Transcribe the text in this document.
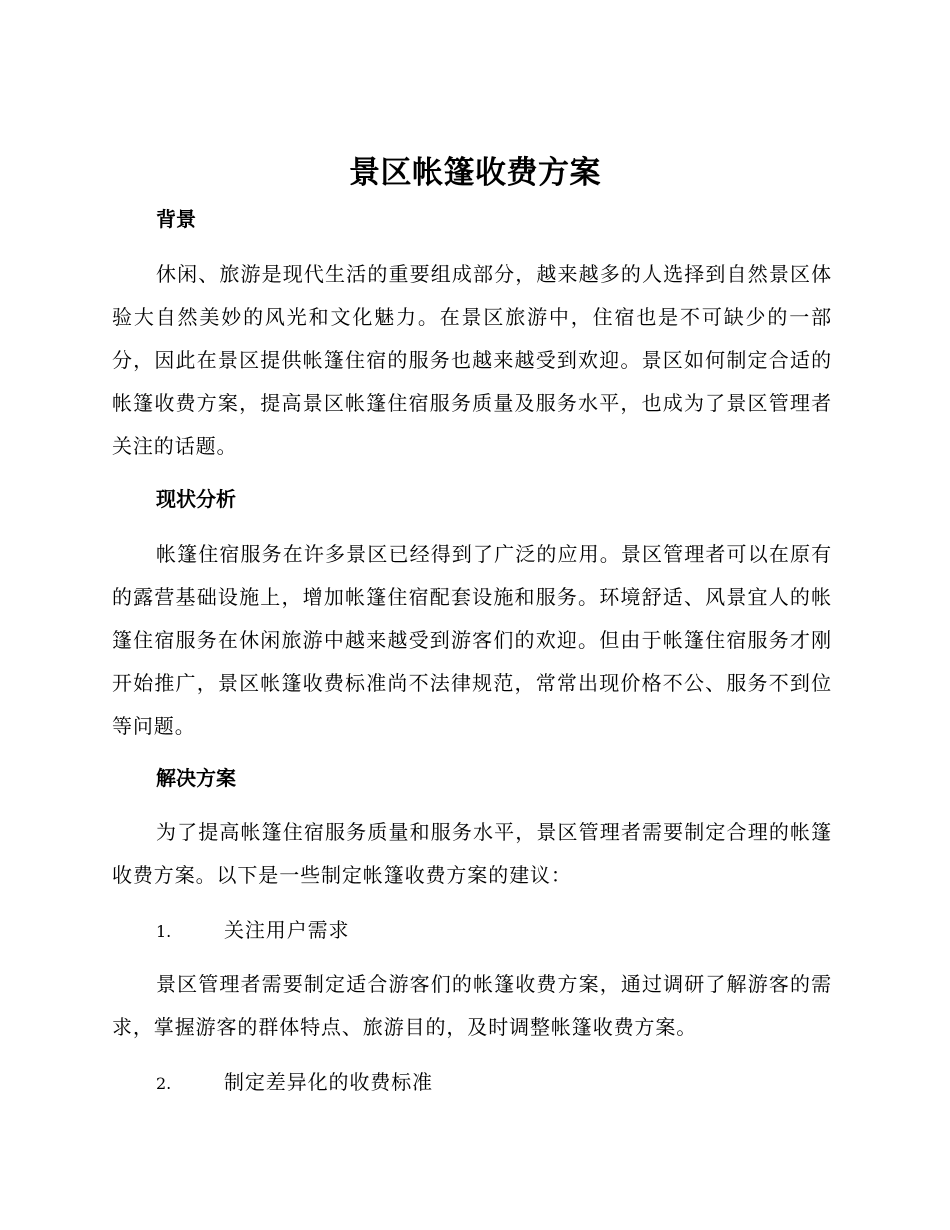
景区帐篷收费方案
背景

休闲、旅游是现代生活的重要组成部分，越来越多的人选择到自然景区体验大自然美妙的风光和文化魅力。在景区旅游中，住宿也是不可缺少的一部分，因此在景区提供帐篷住宿的服务也越来越受到欢迎。景区如何制定合适的帐篷收费方案，提高景区帐篷住宿服务质量及服务水平，也成为了景区管理者关注的话题。

现状分析

帐篷住宿服务在许多景区已经得到了广泛的应用。景区管理者可以在原有的露营基础设施上，增加帐篷住宿配套设施和服务。环境舒适、风景宜人的帐篷住宿服务在休闲旅游中越来越受到游客们的欢迎。但由于帐篷住宿服务才刚开始推广，景区帐篷收费标准尚不法律规范，常常出现价格不公、服务不到位等问题。

解决方案

为了提高帐篷住宿服务质量和服务水平，景区管理者需要制定合理的帐篷收费方案。以下是一些制定帐篷收费方案的建议：

1.	关注用户需求

景区管理者需要制定适合游客们的帐篷收费方案，通过调研了解游客的需求，掌握游客的群体特点、旅游目的，及时调整帐篷收费方案。

2.	制定差异化的收费标准
